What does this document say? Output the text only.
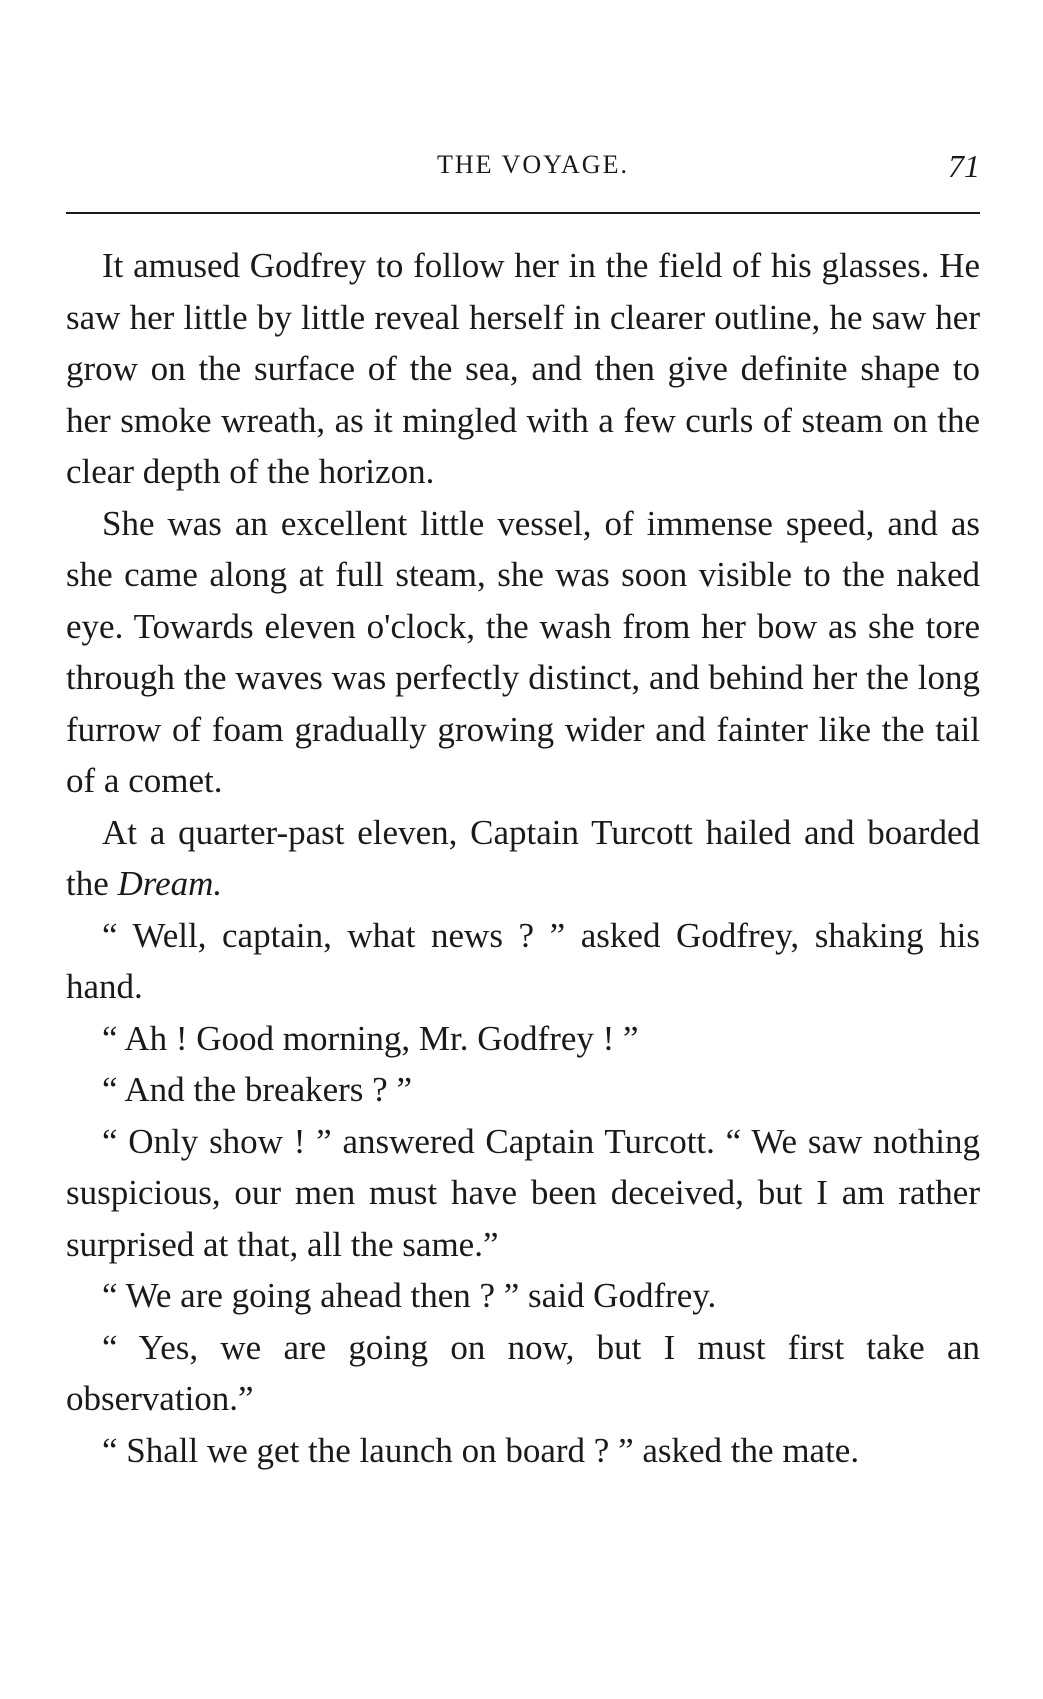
THE VOYAGE.	71

It amused Godfrey to follow her in the field of his glasses. He saw her little by little reveal herself in clearer outline, he saw her grow on the surface of the sea, and then give definite shape to her smoke wreath, as it mingled with a few curls of steam on the clear depth of the horizon.

She was an excellent little vessel, of immense speed, and as she came along at full steam, she was soon visible to the naked eye. Towards eleven o'clock, the wash from her bow as she tore through the waves was perfectly distinct, and behind her the long furrow of foam gradually growing wider and fainter like the tail of a comet.

At a quarter-past eleven, Captain Turcott hailed and boarded the Dream.

“ Well, captain, what news ? ” asked Godfrey, shaking his hand.

“ Ah ! Good morning, Mr. Godfrey ! ”

“ And the breakers ? ”

“ Only show ! ” answered Captain Turcott. “ We saw nothing suspicious, our men must have been deceived, but I am rather surprised at that, all the same.”

“ We are going ahead then ? ” said Godfrey.

“ Yes, we are going on now, but I must first take an observation.”

“ Shall we get the launch on board ? ” asked the mate.
